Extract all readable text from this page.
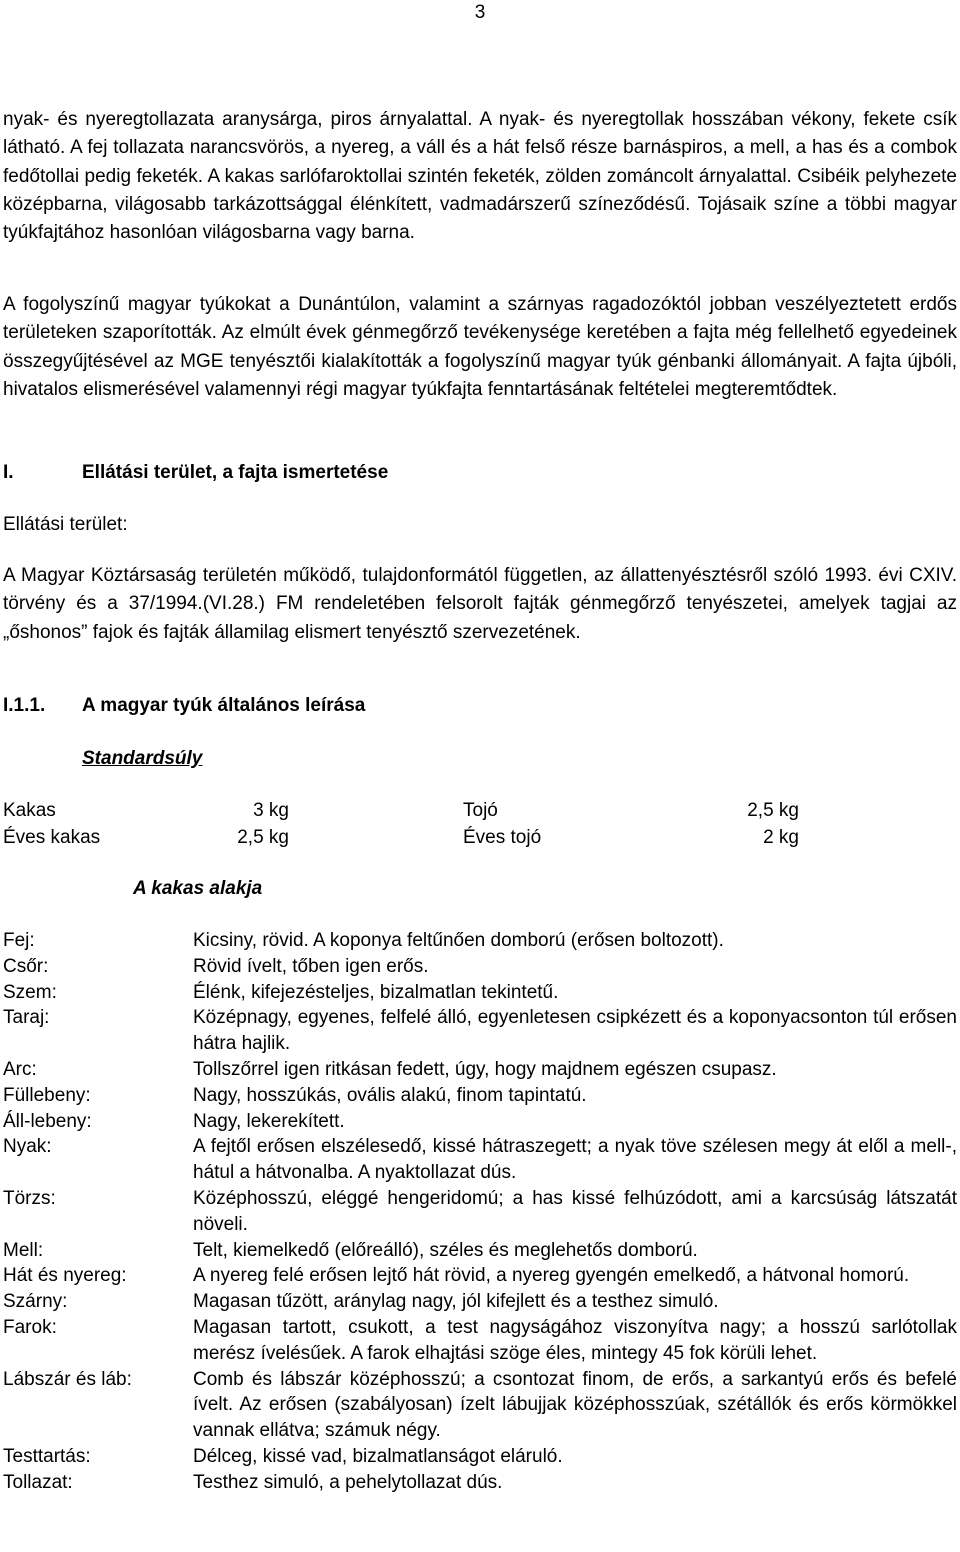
3

nyak- és nyeregtollazata aranysárga, piros árnyalattal. A nyak- és nyeregtollak hosszában vékony, fekete csík látható. A fej tollazata narancsvörös, a nyereg, a váll és a hát felső része barnáspiros, a mell, a has és a combok fedőtollai pedig feketék. A kakas sarlófaroktollai szintén feketék, zölden zománcolt árnyalattal. Csibéik pelyhezete középbarna, világosabb tarkázottsággal élénkített, vadmadárszerű színeződésű. Tojásaik színe a többi magyar tyúkfajtához hasonlóan világosbarna vagy barna.

A fogolyszínű magyar tyúkokat a Dunántúlon, valamint a szárnyas ragadozóktól jobban veszélyeztetett erdős területeken szaporították. Az elmúlt évek génmegőrző tevékenysége keretében a fajta még fellelhető egyedeinek összegyűjtésével az MGE tenyésztői kialakították a fogolyszínű magyar tyúk génbanki állományait. A fajta újbóli, hivatalos elismerésével valamennyi régi magyar tyúkfajta fenntartásának feltételei megteremtődtek.

I.	Ellátási terület, a fajta ismertetése
Ellátási terület:

A Magyar Köztársaság területén működő, tulajdonformától független, az állattenyésztésről szóló 1993. évi CXIV. törvény és a 37/1994.(VI.28.) FM rendeletében felsorolt fajták génmegőrző tenyészetei, amelyek tagjai az „őshonos” fajok és fajták államilag elismert tenyésztő szervezetének.

I.1.1. A magyar tyúk általános leírása
Standardsúly
Kakas	3 kg	Tojó	2,5 kg
Éves kakas	2,5 kg	Éves tojó	2 kg
A kakas alakja
Fej:	Kicsiny, rövid. A koponya feltűnően domború (erősen boltozott).
Csőr:	Rövid ívelt, tőben igen erős.
Szem:	Élénk, kifejezésteljes, bizalmatlan tekintetű.
Taraj:	Középnagy, egyenes, felfelé álló, egyenletesen csipkézett és a koponyacsonton túl erősen hátra hajlik.
Arc:	Tollszőrrel igen ritkásan fedett, úgy, hogy majdnem egészen csupasz.
Füllebeny:	Nagy, hosszúkás, ovális alakú, finom tapintatú.
Áll-lebeny:	Nagy, lekerekített.
Nyak:	A fejtől erősen elszélesedő, kissé hátraszegett; a nyak töve szélesen megy át elől a mell-, hátul a hátvonalba. A nyaktollazat dús.
Törzs:	Középhosszú, eléggé hengeridomú; a has kissé felhúzódott, ami a karcsúság látszatát növeli.
Mell:	Telt, kiemelkedő (előreálló), széles és meglehetős domború.
Hát és nyereg:	A nyereg felé erősen lejtő hát rövid, a nyereg gyengén emelkedő, a hátvonal homorú.
Szárny:	Magasan tűzött, aránylag nagy, jól kifejlett és a testhez simuló.
Farok:	Magasan tartott, csukott, a test nagyságához viszonyítva nagy; a hosszú sarlótollak merész ívelésűek. A farok elhajtási szöge éles, mintegy 45 fok körüli lehet.
Lábszár és láb:	Comb és lábszár középhosszú; a csontozat finom, de erős, a sarkantyú erős és befelé ívelt. Az erősen (szabályosan) ízelt lábujjak középhosszúak, szétállók és erős körmökkel vannak ellátva; számuk négy.
Testtartás:	Délceg, kissé vad, bizalmatlanságot eláruló.
Tollazat:	Testhez simuló, a pehelytollazat dús.
